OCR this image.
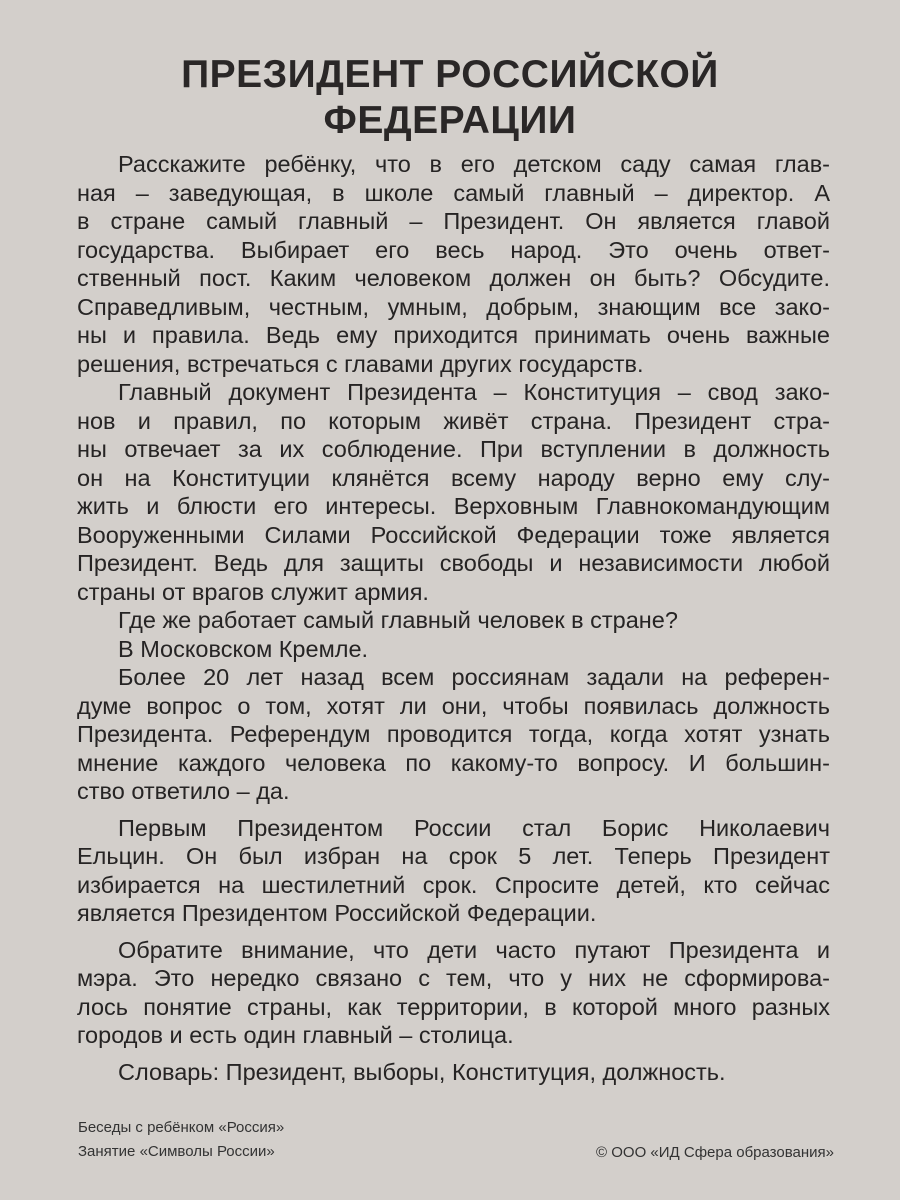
ПРЕЗИДЕНТ РОССИЙСКОЙ
ФЕДЕРАЦИИ
Расскажите ребёнку, что в его детском саду самая глав-
ная – заведующая, в школе самый главный – директор. А
в стране самый главный – Президент. Он является главой
государства. Выбирает его весь народ. Это очень ответ-
ственный пост. Каким человеком должен он быть? Обсудите.
Справедливым, честным, умным, добрым, знающим все зако-
ны и правила. Ведь ему приходится принимать очень важные
решения, встречаться с главами других государств.
Главный документ Президента – Конституция – свод зако-
нов и правил, по которым живёт страна. Президент стра-
ны отвечает за их соблюдение. При вступлении в должность
он на Конституции клянётся всему народу верно ему слу-
жить и блюсти его интересы. Верховным Главнокомандующим
Вооруженными Силами Российской Федерации тоже является
Президент. Ведь для защиты свободы и независимости любой
страны от врагов служит армия.
Где же работает самый главный человек в стране?
В Московском Кремле.
Более 20 лет назад всем россиянам задали на референ-
думе вопрос о том, хотят ли они, чтобы появилась должность
Президента. Референдум проводится тогда, когда хотят узнать
мнение каждого человека по какому-то вопросу. И большин-
ство ответило – да.
Первым Президентом России стал Борис Николаевич
Ельцин. Он был избран на срок 5 лет. Теперь Президент
избирается на шестилетний срок. Спросите детей, кто сейчас
является Президентом Российской Федерации.
Обратите внимание, что дети часто путают Президента и
мэра. Это нередко связано с тем, что у них не сформирова-
лось понятие страны, как территории, в которой много разных
городов и есть один главный – столица.
Словарь: Президент, выборы, Конституция, должность.
Беседы с ребёнком «Россия»
Занятие «Символы России»	© ООО «ИД Сфера образования»
